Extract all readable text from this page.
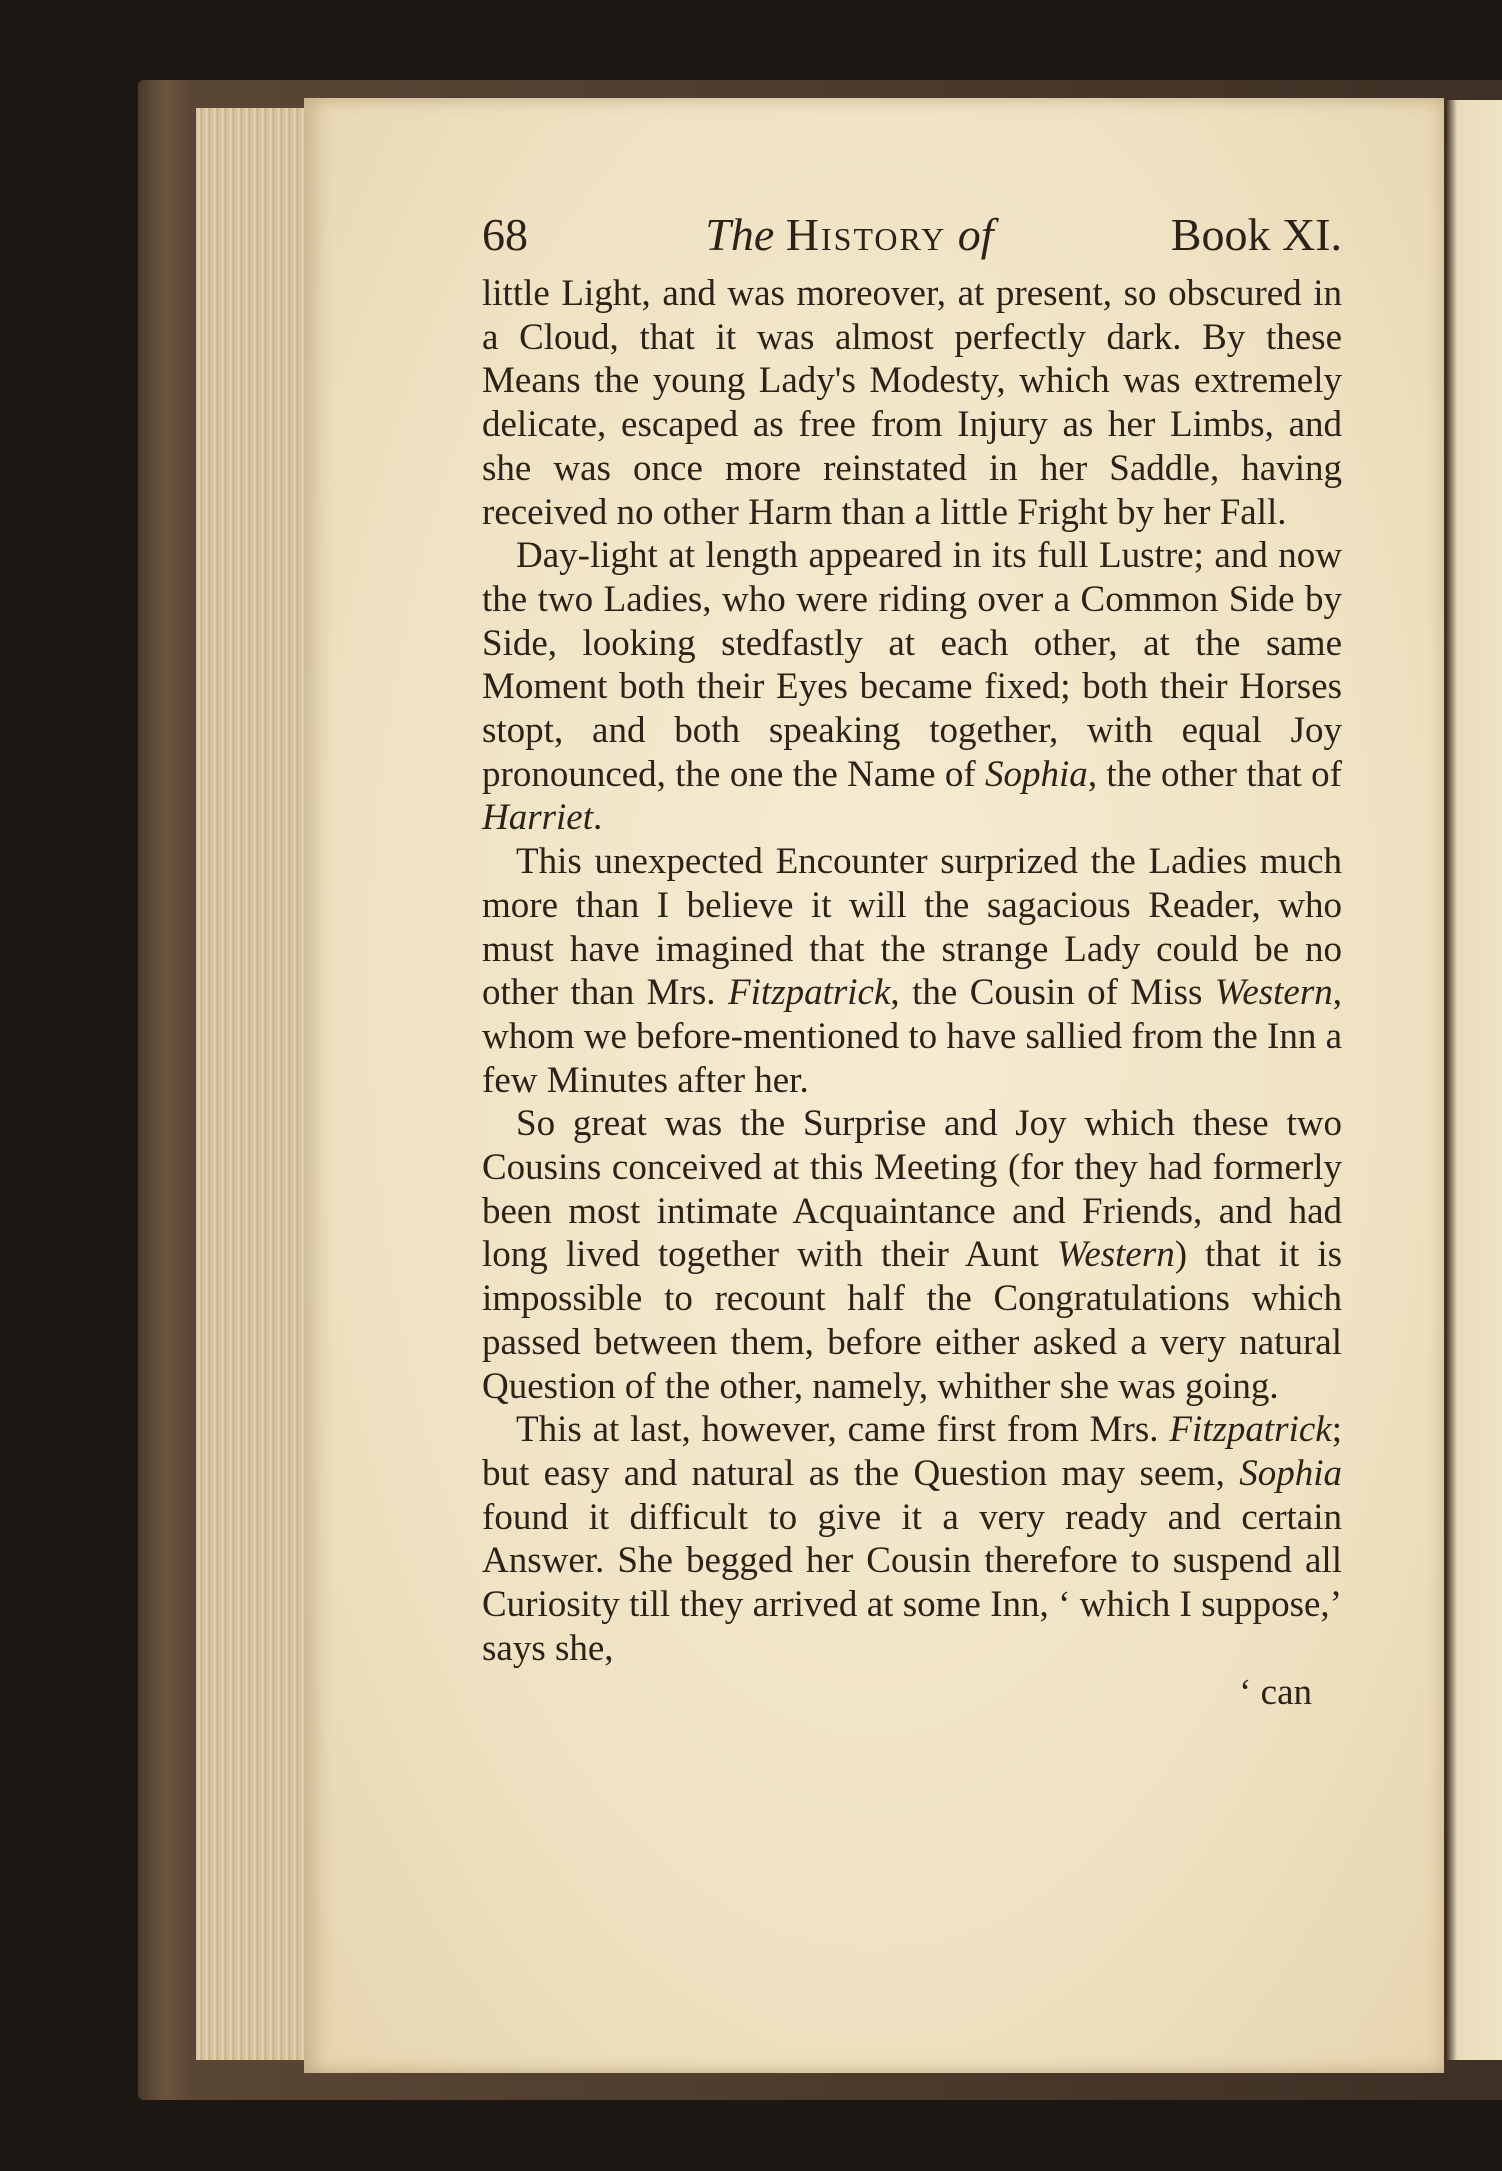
68	The History of	Book XI.

little Light, and was moreover, at present, so obscured in a Cloud, that it was almost perfectly dark. By these Means the young Lady's Modesty, which was extremely delicate, escaped as free from Injury as her Limbs, and she was once more reinstated in her Saddle, having received no other Harm than a little Fright by her Fall.

Day-light at length appeared in its full Lustre; and now the two Ladies, who were riding over a Common Side by Side, looking stedfastly at each other, at the same Moment both their Eyes became fixed; both their Horses stopt, and both speaking together, with equal Joy pronounced, the one the Name of Sophia, the other that of Harriet.

This unexpected Encounter surprized the Ladies much more than I believe it will the sagacious Reader, who must have imagined that the strange Lady could be no other than Mrs. Fitzpatrick, the Cousin of Miss Western, whom we before-mentioned to have sallied from the Inn a few Minutes after her.

So great was the Surprise and Joy which these two Cousins conceived at this Meeting (for they had formerly been most intimate Acquaintance and Friends, and had long lived together with their Aunt Western) that it is impossible to recount half the Congratulations which passed between them, before either asked a very natural Question of the other, namely, whither she was going.

This at last, however, came first from Mrs. Fitzpatrick; but easy and natural as the Question may seem, Sophia found it difficult to give it a very ready and certain Answer. She begged her Cousin therefore to suspend all Curiosity till they arrived at some Inn, ‘ which I suppose,’ says she,

‘ can
